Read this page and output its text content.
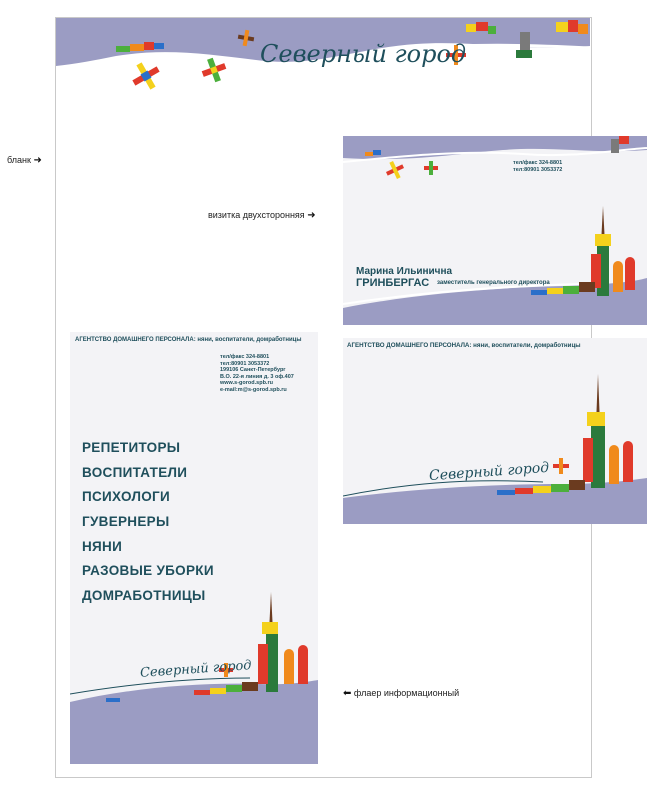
Северный город
бланк ➜
визитка двухсторонняя ➜
тел/факс 324-8801
тел:80901 3053372
Марина Ильинична
ГРИНБЕРГАС заместитель генерального директора
АГЕНТСТВО ДОМАШНЕГО ПЕРСОНАЛА: няни, воспитатели, домработницы
Северный город
АГЕНТСТВО ДОМАШНЕГО ПЕРСОНАЛА: няни, воспитатели, домработницы
тел/факс 324-8801
тел:80901 3053372
199106 Санкт-Петербург
В.О. 22-я линия д. 3 оф.407
www.s-gorod.spb.ru
e-mail:m@s-gorod.spb.ru
РЕПЕТИТОРЫ
ВОСПИТАТЕЛИ
ПСИХОЛОГИ
ГУВЕРНЕРЫ
НЯНИ
РАЗОВЫЕ УБОРКИ
ДОМРАБОТНИЦЫ
Северный город
⬅ флаер информационный
